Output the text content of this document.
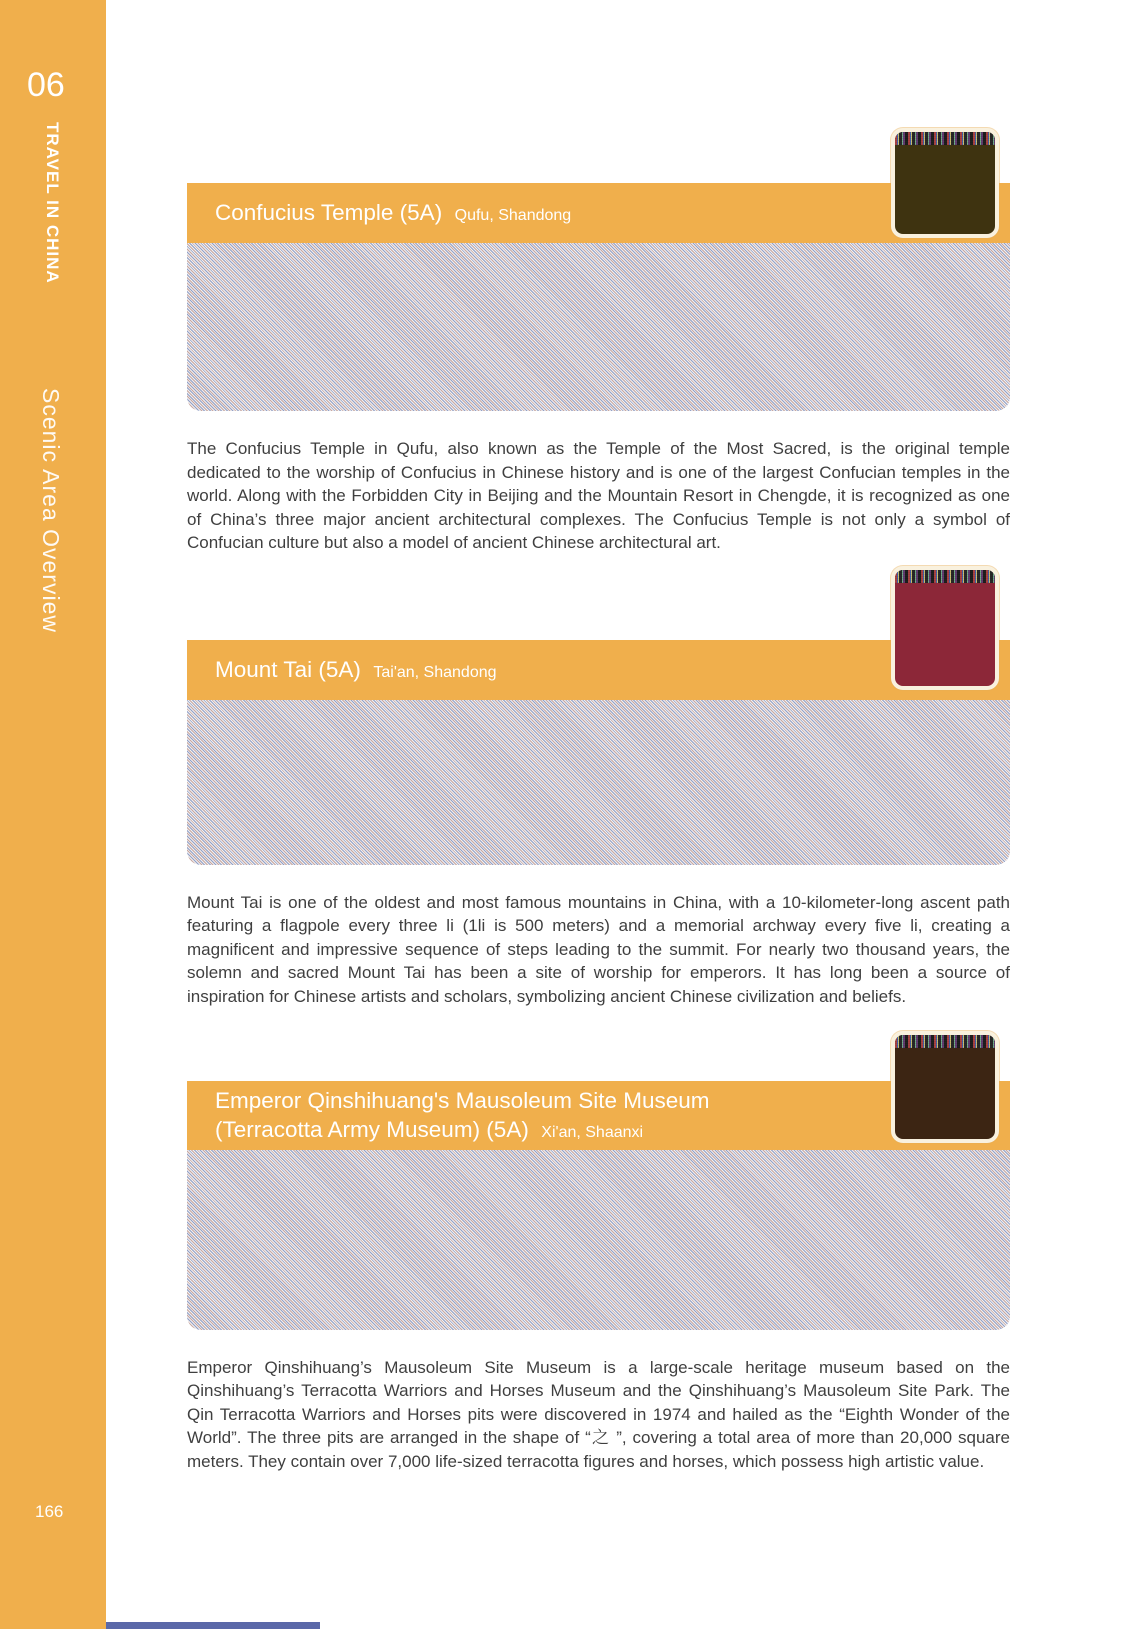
06
TRAVEL IN CHINA
Scenic Area Overview
166
Confucius Temple (5A) Qufu, Shandong

The Confucius Temple in Qufu, also known as the Temple of the Most Sacred, is the original temple dedicated to the worship of Confucius in Chinese history and is one of the largest Confucian temples in the world. Along with the Forbidden City in Beijing and the Mountain Resort in Chengde, it is recognized as one of China’s three major ancient architectural complexes. The Confucius Temple is not only a symbol of Confucian culture but also a model of ancient Chinese architectural art.

Mount Tai (5A) Tai'an, Shandong

Mount Tai is one of the oldest and most famous mountains in China, with a 10-kilometer-long ascent path featuring a flagpole every three li (1li is 500 meters) and a memorial archway every five li, creating a magnificent and impressive sequence of steps leading to the summit. For nearly two thousand years, the solemn and sacred Mount Tai has been a site of worship for emperors. It has long been a source of inspiration for Chinese artists and scholars, symbolizing ancient Chinese civilization and beliefs.

Emperor Qinshihuang's Mausoleum Site Museum (Terracotta Army Museum) (5A) Xi'an, Shaanxi

Emperor Qinshihuang’s Mausoleum Site Museum is a large-scale heritage museum based on the Qinshihuang’s Terracotta Warriors and Horses Museum and the Qinshihuang’s Mausoleum Site Park. The Qin Terracotta Warriors and Horses pits were discovered in 1974 and hailed as the “Eighth Wonder of the World”. The three pits are arranged in the shape of “之 ”, covering a total area of more than 20,000 square meters. They contain over 7,000 life-sized terracotta figures and horses, which possess high artistic value.
